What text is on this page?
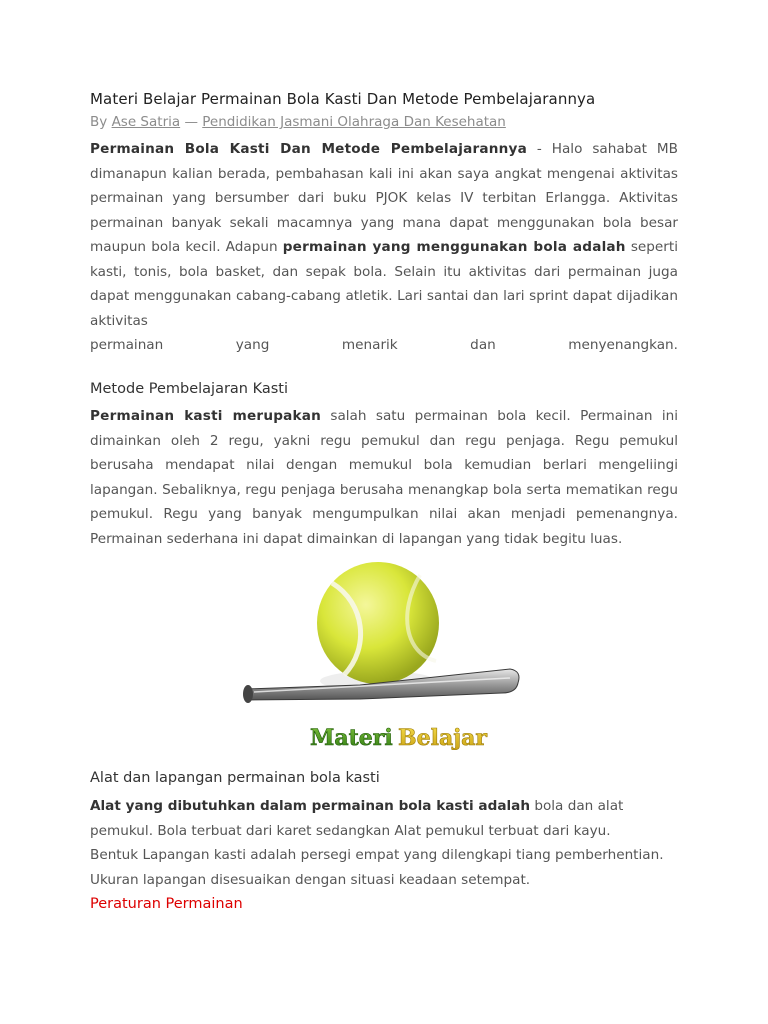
Materi Belajar Permainan Bola Kasti Dan Metode Pembelajarannya
By Ase Satria — Pendidikan Jasmani Olahraga Dan Kesehatan
Permainan Bola Kasti Dan Metode Pembelajarannya - Halo sahabat MB dimanapun kalian berada, pembahasan kali ini akan saya angkat mengenai aktivitas permainan yang bersumber dari buku PJOK kelas IV terbitan Erlangga. Aktivitas permainan banyak sekali macamnya yang mana dapat menggunakan bola besar maupun bola kecil. Adapun permainan yang menggunakan bola adalah seperti kasti, tonis, bola basket, dan sepak bola. Selain itu aktivitas dari permainan juga dapat menggunakan cabang-cabang atletik. Lari santai dan lari sprint dapat dijadikan aktivitas
permainan yang menarik dan menyenangkan.
Metode Pembelajaran Kasti
Permainan kasti merupakan salah satu permainan bola kecil. Permainan ini dimainkan oleh 2 regu, yakni regu pemukul dan regu penjaga. Regu pemukul berusaha mendapat nilai dengan memukul bola kemudian berlari mengeliingi lapangan. Sebaliknya, regu penjaga berusaha menangkap bola serta mematikan regu pemukul. Regu yang banyak mengumpulkan nilai akan menjadi pemenangnya. Permainan sederhana ini dapat dimainkan di lapangan yang tidak begitu luas.
Materi Belajar
Alat dan lapangan permainan bola kasti
Alat yang dibutuhkan dalam permainan bola kasti adalah bola dan alat
pemukul. Bola terbuat dari karet sedangkan Alat pemukul terbuat dari kayu.
Bentuk Lapangan kasti adalah persegi empat yang dilengkapi tiang pemberhentian.
Ukuran lapangan disesuaikan dengan situasi keadaan setempat.
Peraturan Permainan
